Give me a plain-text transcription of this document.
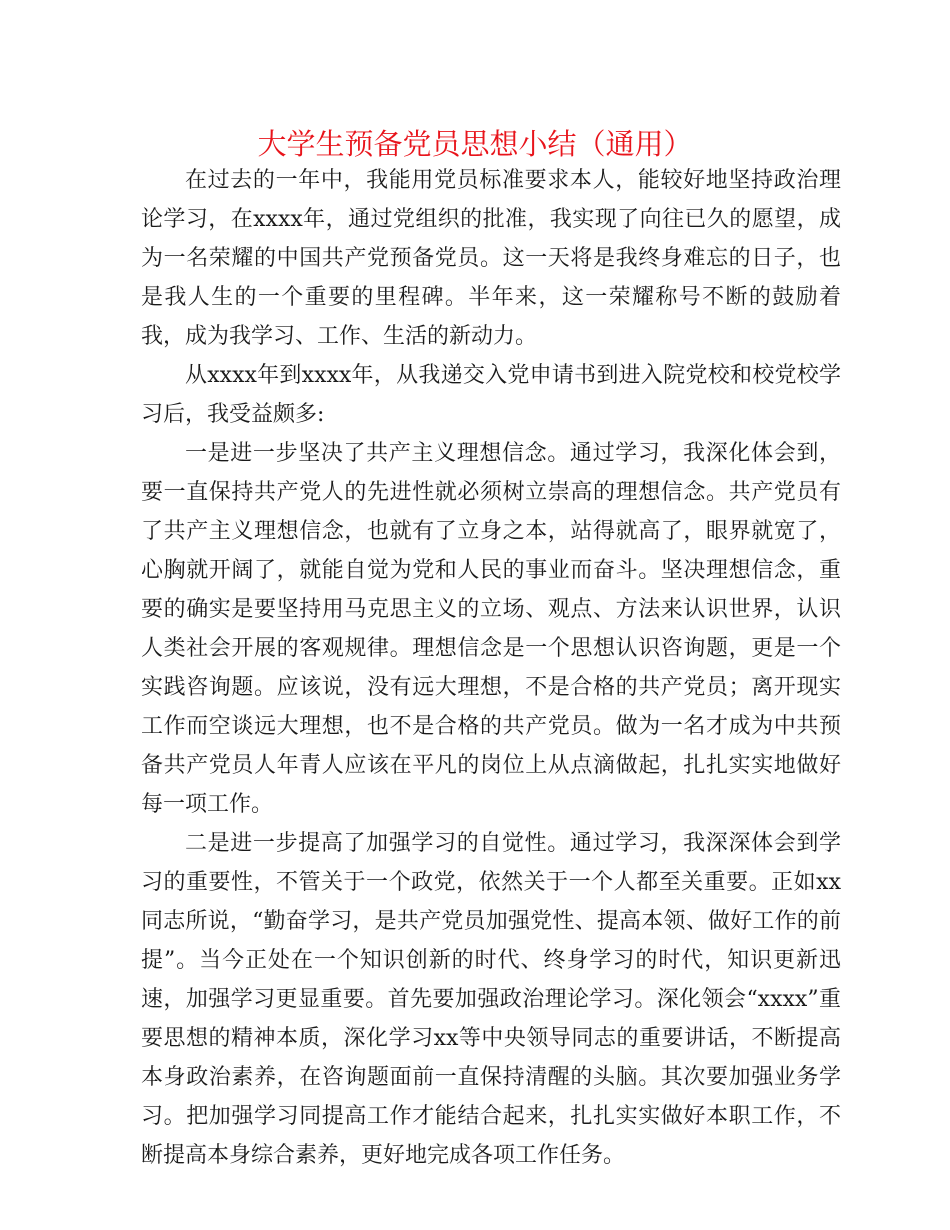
大学生预备党员思想小结（通用）

在过去的一年中，我能用党员标准要求本人，能较好地坚持政治理论学习，在xxxx年，通过党组织的批准，我实现了向往已久的愿望，成为一名荣耀的中国共产党预备党员。这一天将是我终身难忘的日子，也是我人生的一个重要的里程碑。半年来，这一荣耀称号不断的鼓励着我，成为我学习、工作、生活的新动力。

从xxxx年到xxxx年，从我递交入党申请书到进入院党校和校党校学习后，我受益颇多:

一是进一步坚决了共产主义理想信念。通过学习，我深化体会到，要一直保持共产党人的先进性就必须树立崇高的理想信念。共产党员有了共产主义理想信念，也就有了立身之本，站得就高了，眼界就宽了，心胸就开阔了，就能自觉为党和人民的事业而奋斗。坚决理想信念，重要的确实是要坚持用马克思主义的立场、观点、方法来认识世界，认识人类社会开展的客观规律。理想信念是一个思想认识咨询题，更是一个实践咨询题。应该说，没有远大理想，不是合格的共产党员；离开现实工作而空谈远大理想，也不是合格的共产党员。做为一名才成为中共预备共产党员人年青人应该在平凡的岗位上从点滴做起，扎扎实实地做好每一项工作。

二是进一步提高了加强学习的自觉性。通过学习，我深深体会到学习的重要性，不管关于一个政党，依然关于一个人都至关重要。正如xx同志所说，“勤奋学习，是共产党员加强党性、提高本领、做好工作的前提”。当今正处在一个知识创新的时代、终身学习的时代，知识更新迅速，加强学习更显重要。首先要加强政治理论学习。深化领会“xxxx”重要思想的精神本质，深化学习xx等中央领导同志的重要讲话，不断提高本身政治素养，在咨询题面前一直保持清醒的头脑。其次要加强业务学习。把加强学习同提高工作才能结合起来，扎扎实实做好本职工作，不断提高本身综合素养，更好地完成各项工作任务。
